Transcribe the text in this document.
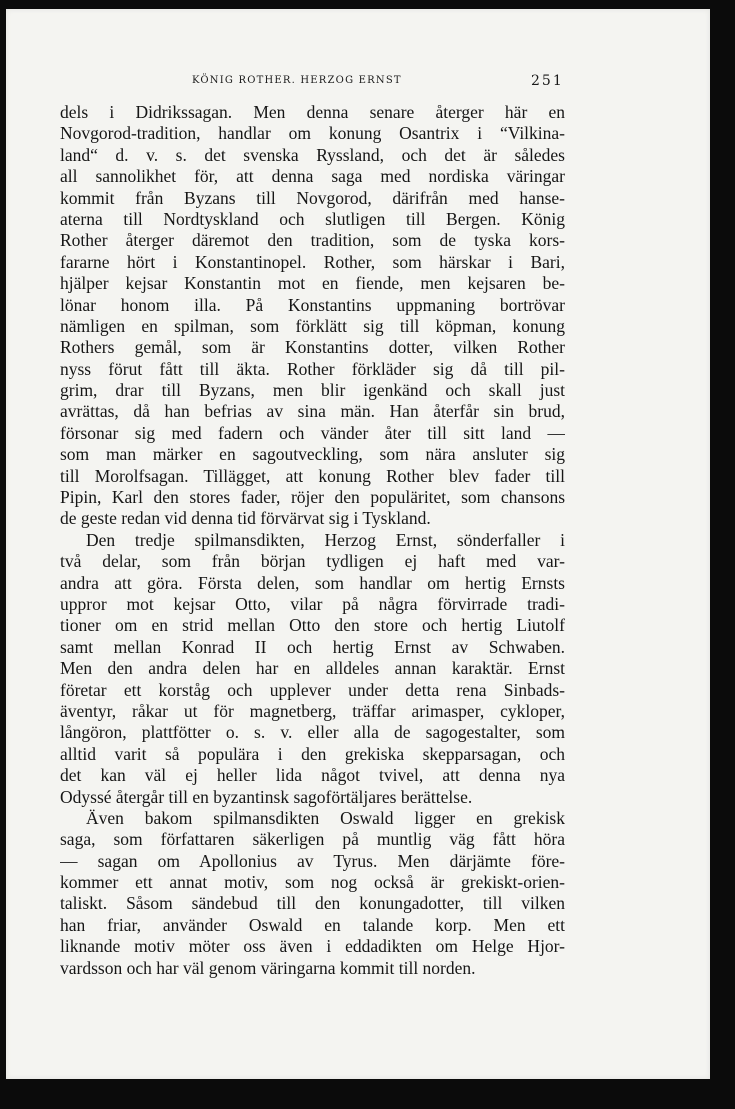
KÖNIG ROTHER. HERZOG ERNST	251
dels i Didrikssagan. Men denna senare återger här en
Novgorod-tradition, handlar om konung Osantrix i “Vilkina-
land“ d. v. s. det svenska Ryssland, och det är således
all sannolikhet för, att denna saga med nordiska väringar
kommit från Byzans till Novgorod, därifrån med hanse-
aterna till Nordtyskland och slutligen till Bergen. König
Rother återger däremot den tradition, som de tyska kors-
fararne hört i Konstantinopel. Rother, som härskar i Bari,
hjälper kejsar Konstantin mot en fiende, men kejsaren be-
lönar honom illa. På Konstantins uppmaning bortrövar
nämligen en spilman, som förklätt sig till köpman, konung
Rothers gemål, som är Konstantins dotter, vilken Rother
nyss förut fått till äkta. Rother förkläder sig då till pil-
grim, drar till Byzans, men blir igenkänd och skall just
avrättas, då han befrias av sina män. Han återfår sin brud,
försonar sig med fadern och vänder åter till sitt land —
som man märker en sagoutveckling, som nära ansluter sig
till Morolfsagan. Tillägget, att konung Rother blev fader till
Pipin, Karl den stores fader, röjer den populäritet, som chansons
de geste redan vid denna tid förvärvat sig i Tyskland.
Den tredje spilmansdikten, Herzog Ernst, sönderfaller i
två delar, som från början tydligen ej haft med var-
andra att göra. Första delen, som handlar om hertig Ernsts
uppror mot kejsar Otto, vilar på några förvirrade tradi-
tioner om en strid mellan Otto den store och hertig Liutolf
samt mellan Konrad II och hertig Ernst av Schwaben.
Men den andra delen har en alldeles annan karaktär. Ernst
företar ett korståg och upplever under detta rena Sinbads-
äventyr, råkar ut för magnetberg, träffar arimasper, cykloper,
långöron, plattfötter o. s. v. eller alla de sagogestalter, som
alltid varit så populära i den grekiska skepparsagan, och
det kan väl ej heller lida något tvivel, att denna nya
Odyssé återgår till en byzantinsk sagoförtäljares berättelse.
Även bakom spilmansdikten Oswald ligger en grekisk
saga, som författaren säkerligen på muntlig väg fått höra
— sagan om Apollonius av Tyrus. Men därjämte före-
kommer ett annat motiv, som nog också är grekiskt-orien-
taliskt. Såsom sändebud till den konungadotter, till vilken
han friar, använder Oswald en talande korp. Men ett
liknande motiv möter oss även i eddadikten om Helge Hjor-
vardsson och har väl genom väringarna kommit till norden.
